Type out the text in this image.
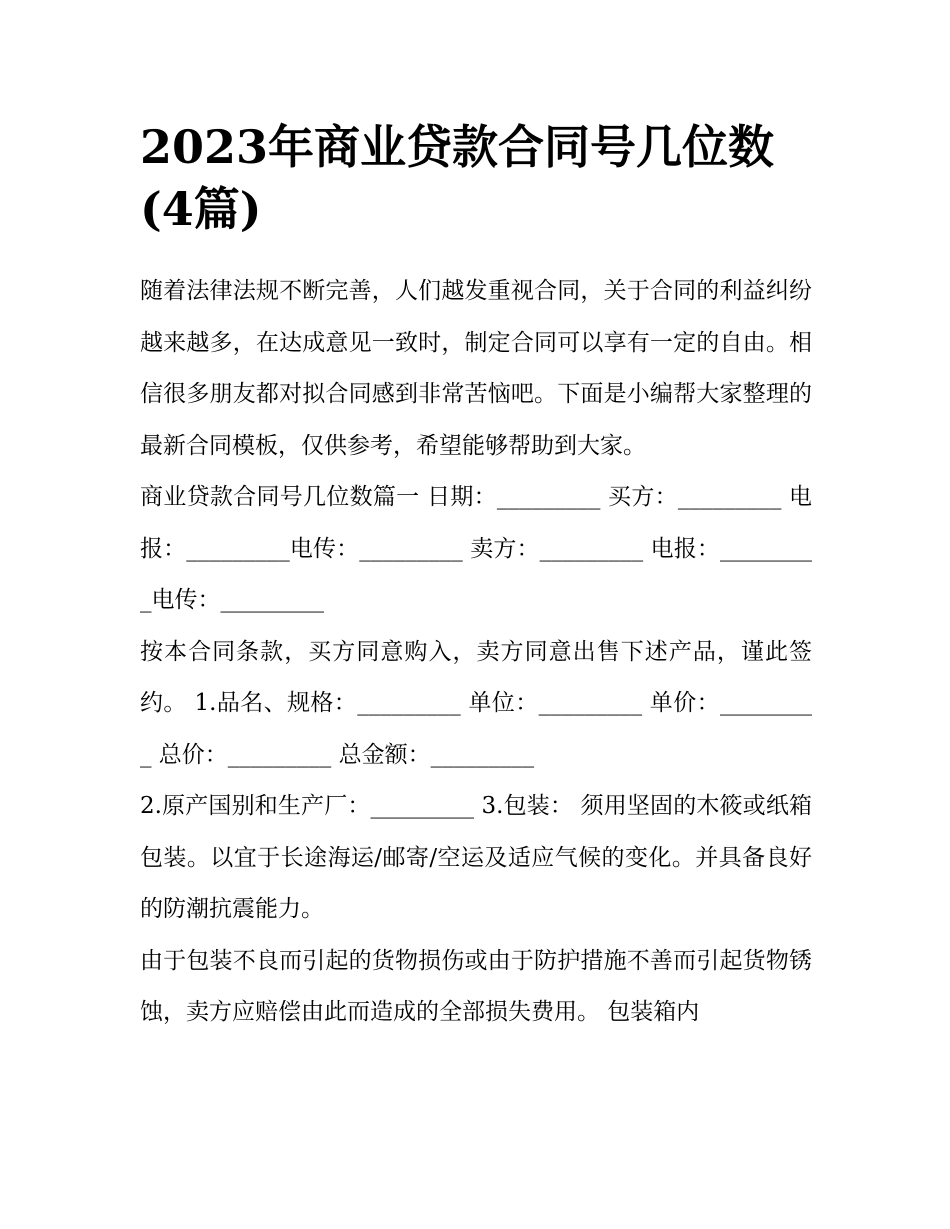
2023年商业贷款合同号几位数(4篇)

随着法律法规不断完善，人们越发重视合同，关于合同的利益纠纷越来越多，在达成意见一致时，制定合同可以享有一定的自由。相信很多朋友都对拟合同感到非常苦恼吧。下面是小编帮大家整理的最新合同模板，仅供参考，希望能够帮助到大家。

商业贷款合同号几位数篇一 日期：_________ 买方：_________ 电报：_________电传：_________ 卖方：_________ 电报：_________电传：_________

按本合同条款，买方同意购入，卖方同意出售下述产品，谨此签约。 1.品名、规格：_________ 单位：_________ 单价：_________ 总价：_________ 总金额：_________

2.原产国别和生产厂：_________ 3.包装： 须用坚固的木筱或纸箱包装。以宜于长途海运/邮寄/空运及适应气候的变化。并具备良好的防潮抗震能力。

由于包装不良而引起的货物损伤或由于防护措施不善而引起货物锈蚀，卖方应赔偿由此而造成的全部损失费用。 包装箱内
